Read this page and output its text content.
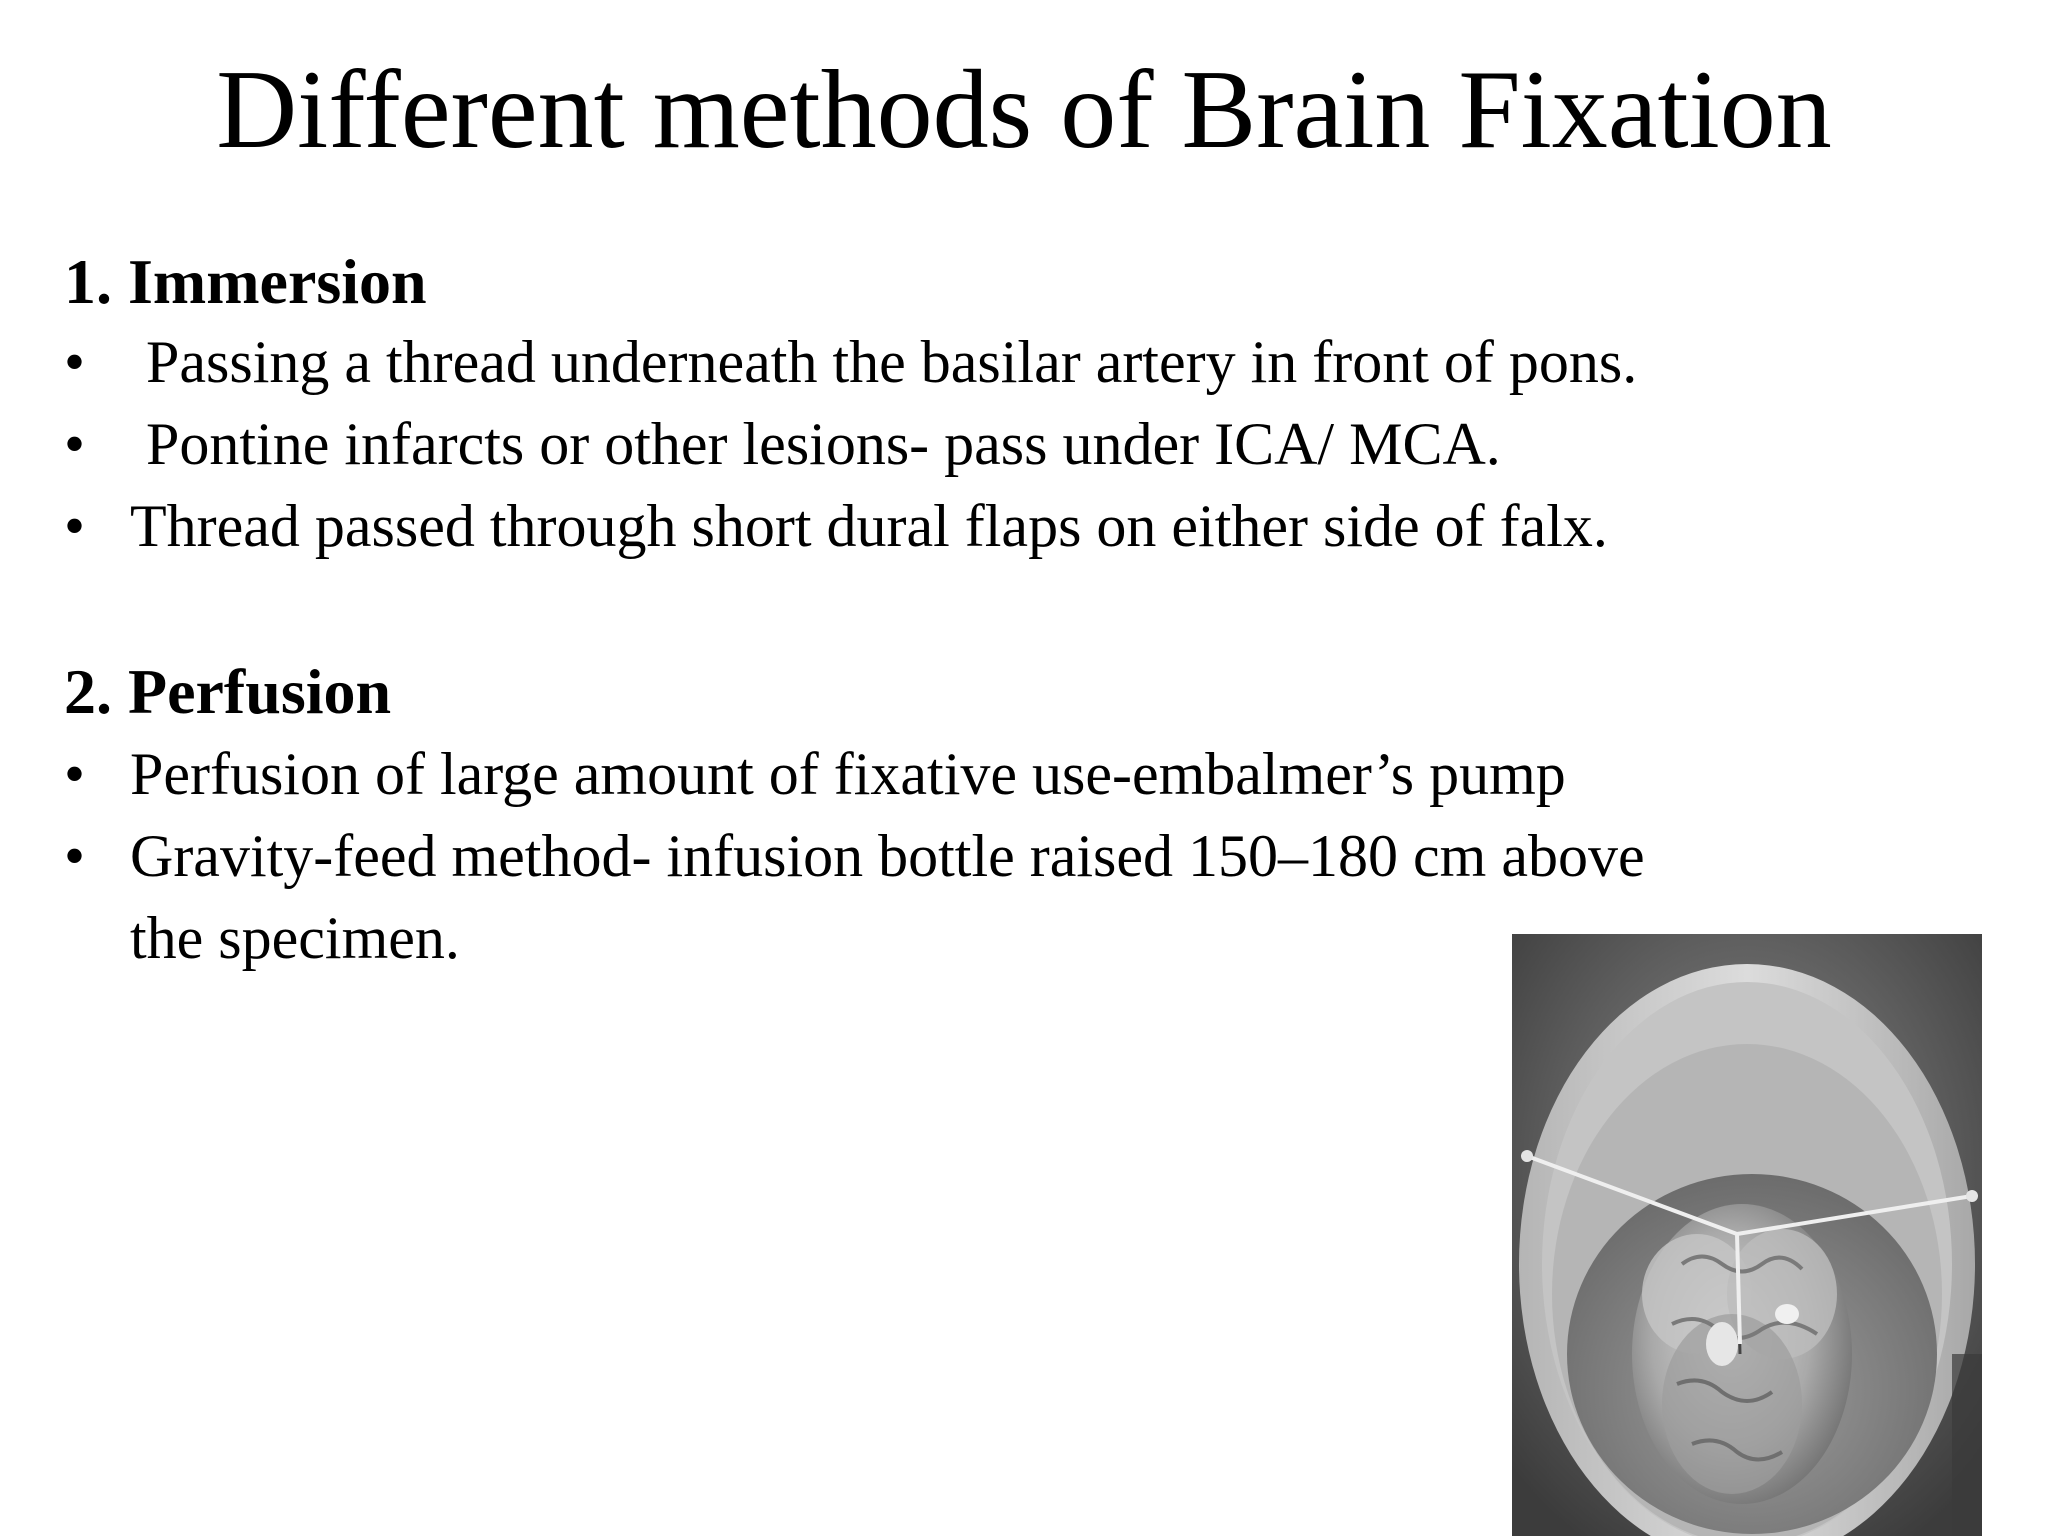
Different methods of Brain Fixation
1. Immersion
•	Passing a thread underneath the basilar artery in front of pons.
•	Pontine infarcts or other lesions- pass under ICA/ MCA.
• Thread passed through short dural flaps on either side of falx.
2. Perfusion
• Perfusion of large amount of fixative use-embalmer’s pump
• Gravity-feed method- infusion bottle raised 150–180 cm above
the specimen.
